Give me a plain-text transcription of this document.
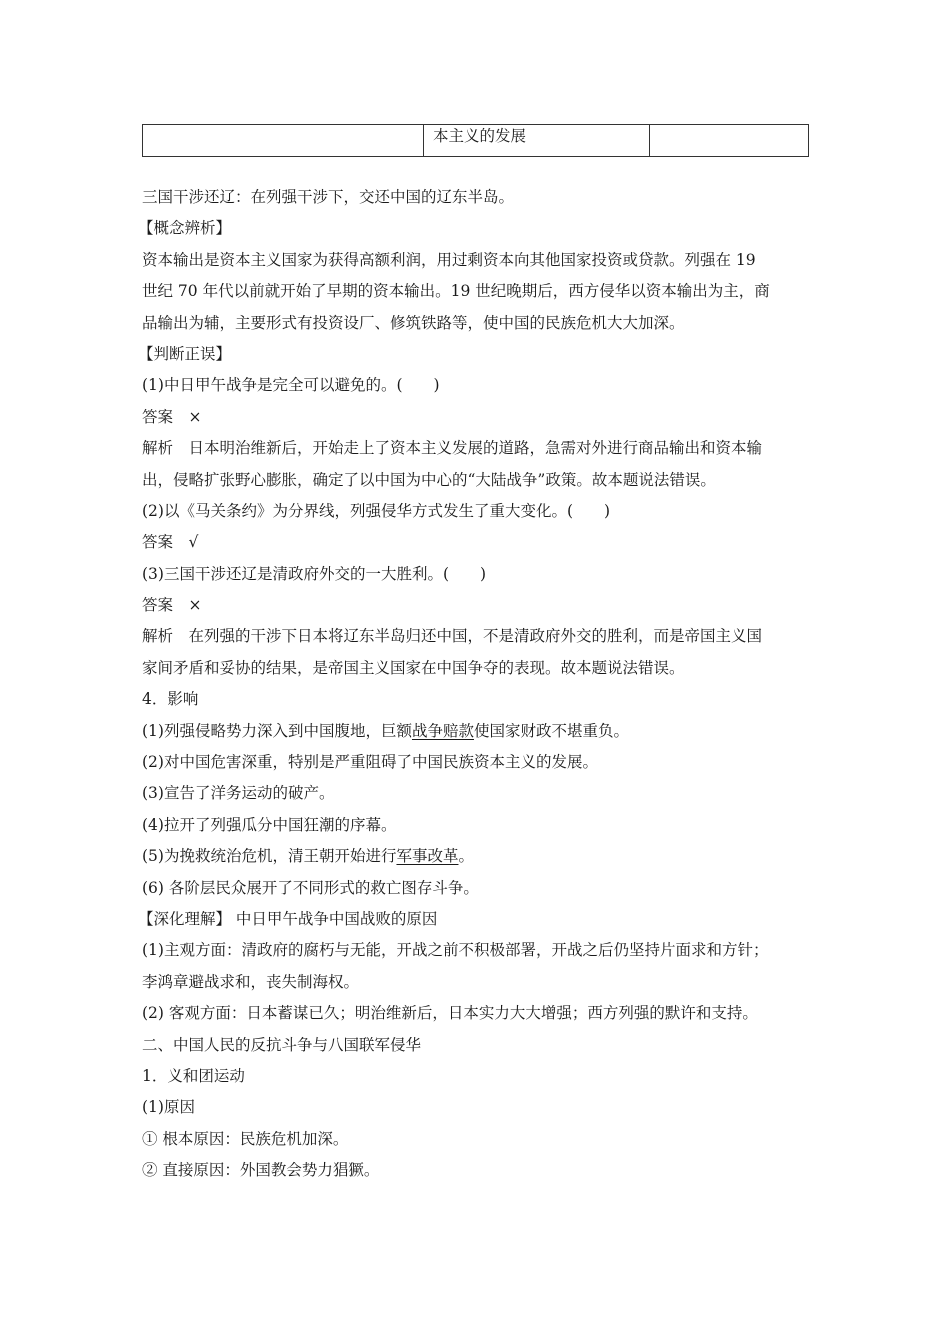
	本主义的发展	
三国干涉还辽：在列强干涉下，交还中国的辽东半岛。
【概念辨析】
资本输出是资本主义国家为获得高额利润，用过剩资本向其他国家投资或贷款。列强在 19
世纪 70 年代以前就开始了早期的资本输出。19 世纪晚期后，西方侵华以资本输出为主，商
品输出为辅，主要形式有投资设厂、修筑铁路等，使中国的民族危机大大加深。
【判断正误】
(1)中日甲午战争是完全可以避免的。(　　)
答案　×
解析　日本明治维新后，开始走上了资本主义发展的道路，急需对外进行商品输出和资本输
出，侵略扩张野心膨胀，确定了以中国为中心的“大陆战争”政策。故本题说法错误。
(2)以《马关条约》为分界线，列强侵华方式发生了重大变化。(　　)
答案　√
(3)三国干涉还辽是清政府外交的一大胜利。(　　)
答案　×
解析　在列强的干涉下日本将辽东半岛归还中国，不是清政府外交的胜利，而是帝国主义国
家间矛盾和妥协的结果，是帝国主义国家在中国争夺的表现。故本题说法错误。
4．影响
(1)列强侵略势力深入到中国腹地，巨额战争赔款使国家财政不堪重负。
(2)对中国危害深重，特别是严重阻碍了中国民族资本主义的发展。
(3)宣告了洋务运动的破产。
(4)拉开了列强瓜分中国狂潮的序幕。
(5)为挽救统治危机，清王朝开始进行军事改革。
(6) 各阶层民众展开了不同形式的救亡图存斗争。
【深化理解】 中日甲午战争中国战败的原因
(1)主观方面：清政府的腐朽与无能，开战之前不积极部署，开战之后仍坚持片面求和方针；
李鸿章避战求和，丧失制海权。
(2) 客观方面：日本蓄谋已久；明治维新后，日本实力大大增强；西方列强的默许和支持。
二、中国人民的反抗斗争与八国联军侵华
1．义和团运动
(1)原因
① 根本原因：民族危机加深。
② 直接原因：外国教会势力猖獗。
